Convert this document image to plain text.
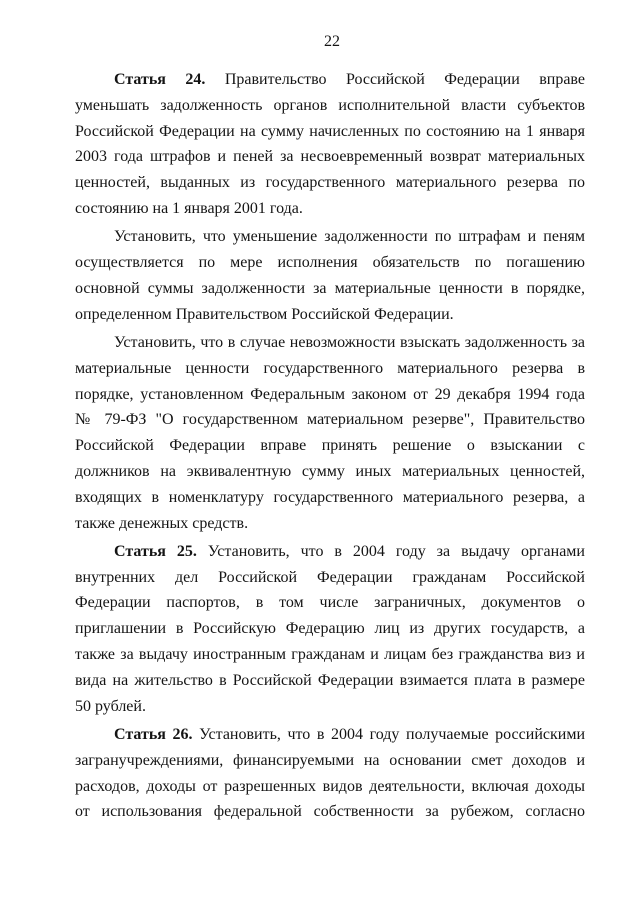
22
Статья 24. Правительство Российской Федерации вправе
уменьшать задолженность органов исполнительной власти субъектов
Российской Федерации на сумму начисленных по состоянию на 1 января
2003 года штрафов и пеней за несвоевременный возврат материальных
ценностей, выданных из государственного материального резерва по
состоянию на 1 января 2001 года.
Установить, что уменьшение задолженности по штрафам и пеням
осуществляется по мере исполнения обязательств по погашению
основной суммы задолженности за материальные ценности в порядке,
определенном Правительством Российской Федерации.
Установить, что в случае невозможности взыскать задолженность за
материальные ценности государственного материального резерва в
порядке, установленном Федеральным законом от 29 декабря 1994 года
№ 79-ФЗ "О государственном материальном резерве", Правительство
Российской Федерации вправе принять решение о взыскании с
должников на эквивалентную сумму иных материальных ценностей,
входящих в номенклатуру государственного материального резерва, а
также денежных средств.
Статья 25. Установить, что в 2004 году за выдачу органами
внутренних дел Российской Федерации гражданам Российской
Федерации паспортов, в том числе заграничных, документов о
приглашении в Российскую Федерацию лиц из других государств, а
также за выдачу иностранным гражданам и лицам без гражданства виз и
вида на жительство в Российской Федерации взимается плата в размере
50 рублей.
Статья 26. Установить, что в 2004 году получаемые российскими
загранучреждениями, финансируемыми на основании смет доходов и
расходов, доходы от разрешенных видов деятельности, включая доходы
от использования федеральной собственности за рубежом, согласно
